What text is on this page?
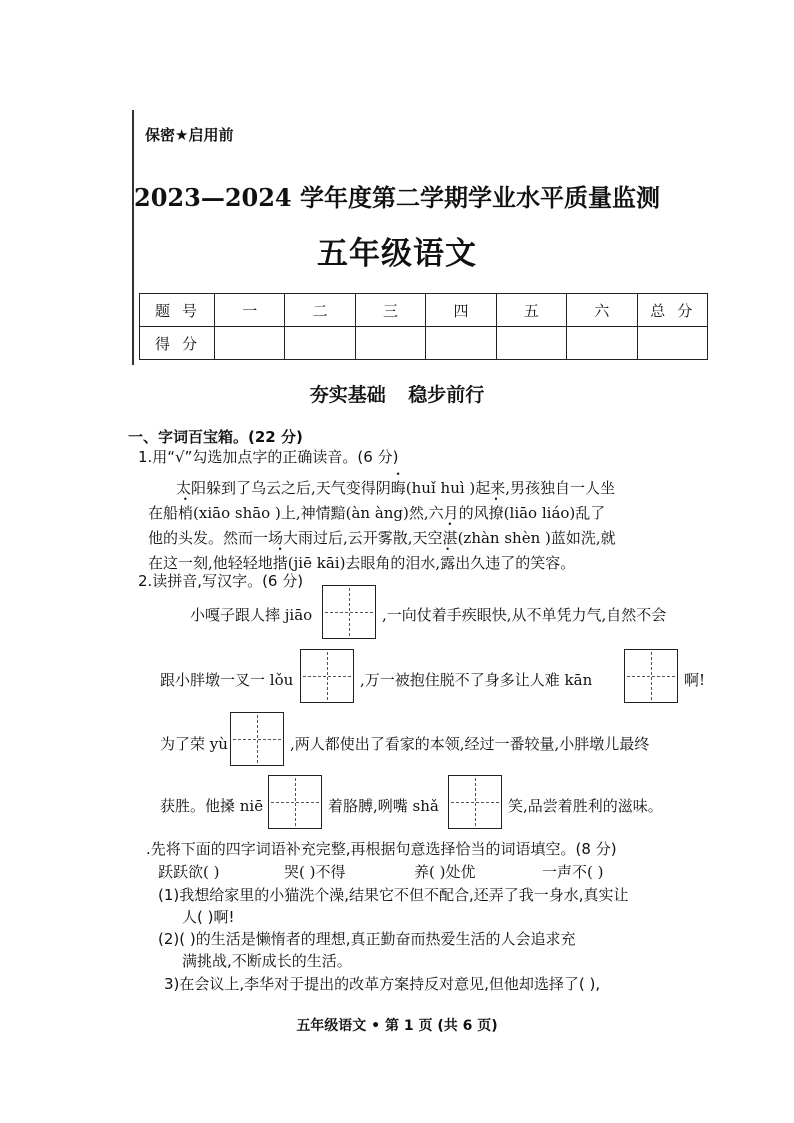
保密★启用前
2023—2024 学年度第二学期学业水平质量监测
五年级语文
题号	一	二	三	四	五	六	总分
得分							
夯实基础 稳步前行
一、字词百宝箱。(22 分)
1.用“√”勾选加点字的正确读音。(6 分)
太阳躲到了乌云之后,天气变得阴晦(huǐ huì )起来,男孩独自一人坐
在船梢(xiāo shāo )上,神情黯(àn àng)然,六月的风撩(liāo liáo)乱了
他的头发。然而一场大雨过后,云开雾散,天空湛(zhàn shèn )蓝如洗,就
在这一刻,他轻轻地揩(jiē kāi)去眼角的泪水,露出久违了的笑容。
2.读拼音,写汉字。(6 分)
小嘎子跟人摔 jiāo	,一向仗着手疾眼快,从不单凭力气,自然不会
跟小胖墩一叉一 lǒu	,万一被抱住脱不了身多让人难 kān	啊!
为了荣 yù	,两人都使出了看家的本领,经过一番较量,小胖墩儿最终
获胜。他搡 niē	着胳膊,咧嘴 shǎ	笑,品尝着胜利的滋味。
.先将下面的四字词语补充完整,再根据句意选择恰当的词语填空。(8 分)
跃跃欲( )	哭( )不得	养( )处优	一声不( )
(1)我想给家里的小猫洗个澡,结果它不但不配合,还弄了我一身水,真实让
人( )啊!
(2)( )的生活是懒惰者的理想,真正勤奋而热爱生活的人会追求充
满挑战,不断成长的生活。
3)在会议上,李华对于提出的改革方案持反对意见,但他却选择了( ),
五年级语文 • 第 1 页 (共 6 页)
